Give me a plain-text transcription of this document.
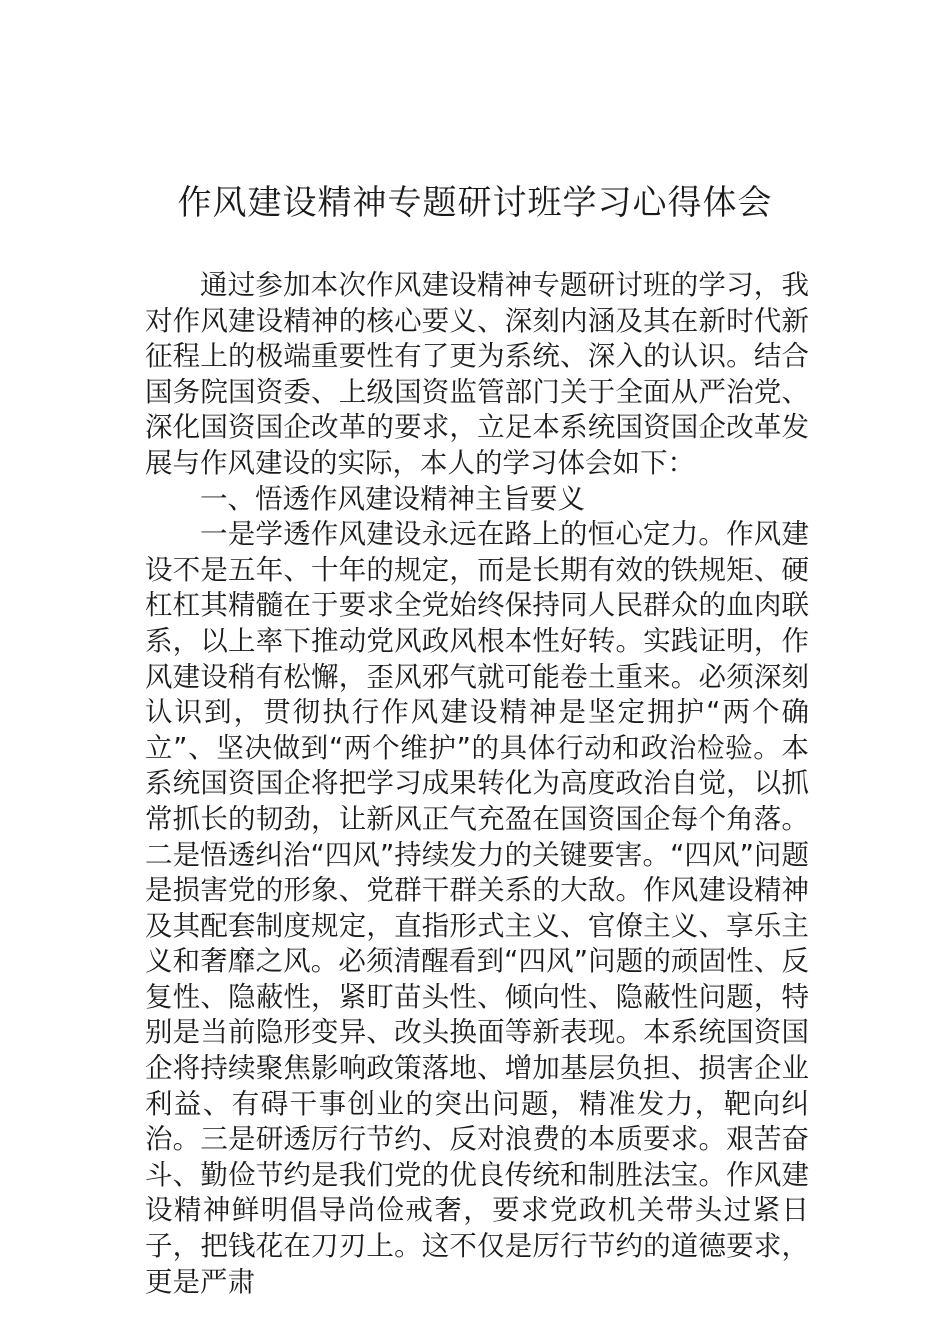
作风建设精神专题研讨班学习心得体会

通过参加本次作风建设精神专题研讨班的学习，我对作风建设精神的核心要义、深刻内涵及其在新时代新征程上的极端重要性有了更为系统、深入的认识。结合国务院国资委、上级国资监管部门关于全面从严治党、深化国资国企改革的要求，立足本系统国资国企改革发展与作风建设的实际，本人的学习体会如下：

一、悟透作风建设精神主旨要义

一是学透作风建设永远在路上的恒心定力。作风建设不是五年、十年的规定，而是长期有效的铁规矩、硬杠杠其精髓在于要求全党始终保持同人民群众的血肉联系，以上率下推动党风政风根本性好转。实践证明，作风建设稍有松懈，歪风邪气就可能卷土重来。必须深刻认识到，贯彻执行作风建设精神是坚定拥护“两个确立”、坚决做到“两个维护”的具体行动和政治检验。本系统国资国企将把学习成果转化为高度政治自觉，以抓常抓长的韧劲，让新风正气充盈在国资国企每个角落。二是悟透纠治“四风”持续发力的关键要害。“四风”问题是损害党的形象、党群干群关系的大敌。作风建设精神及其配套制度规定，直指形式主义、官僚主义、享乐主义和奢靡之风。必须清醒看到“四风”问题的顽固性、反复性、隐蔽性，紧盯苗头性、倾向性、隐蔽性问题，特别是当前隐形变异、改头换面等新表现。本系统国资国企将持续聚焦影响政策落地、增加基层负担、损害企业利益、有碍干事创业的突出问题，精准发力，靶向纠治。三是研透厉行节约、反对浪费的本质要求。艰苦奋斗、勤俭节约是我们党的优良传统和制胜法宝。作风建设精神鲜明倡导尚俭戒奢，要求党政机关带头过紧日子，把钱花在刀刃上。这不仅是厉行节约的道德要求，更是严肃
